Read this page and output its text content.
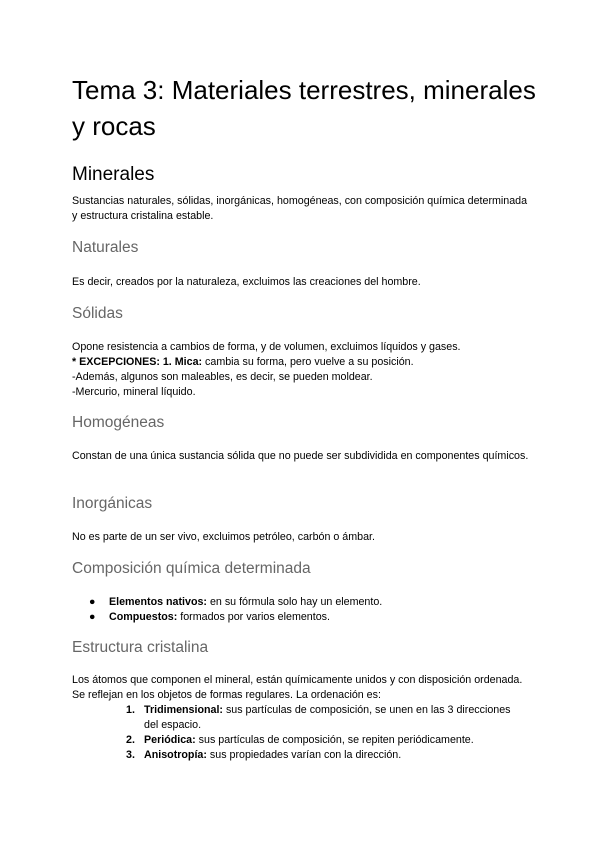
Tema 3: Materiales terrestres, minerales y rocas
Minerales

Sustancias naturales, sólidas, inorgánicas, homogéneas, con composición química determinada y estructura cristalina estable.

Naturales

Es decir, creados por la naturaleza, excluimos las creaciones del hombre.

Sólidas

Opone resistencia a cambios de forma, y de volumen, excluimos líquidos y gases.

* EXCEPCIONES: 1. Mica: cambia su forma, pero vuelve a su posición.

-Además, algunos son maleables, es decir, se pueden moldear.

-Mercurio, mineral líquido.

Homogéneas

Constan de una única sustancia sólida que no puede ser subdividida en componentes químicos.

Inorgánicas

No es parte de un ser vivo, excluimos petróleo, carbón o ámbar.

Composición química determinada
● Elementos nativos: en su fórmula solo hay un elemento.
● Compuestos: formados por varios elementos.
Estructura cristalina

Los átomos que componen el mineral, están químicamente unidos y con disposición ordenada. Se reflejan en los objetos de formas regulares. La ordenación es:

1. Tridimensional: sus partículas de composición, se unen en las 3 direcciones del espacio.
2. Periódica: sus partículas de composición, se repiten periódicamente.
3. Anisotropía: sus propiedades varían con la dirección.
